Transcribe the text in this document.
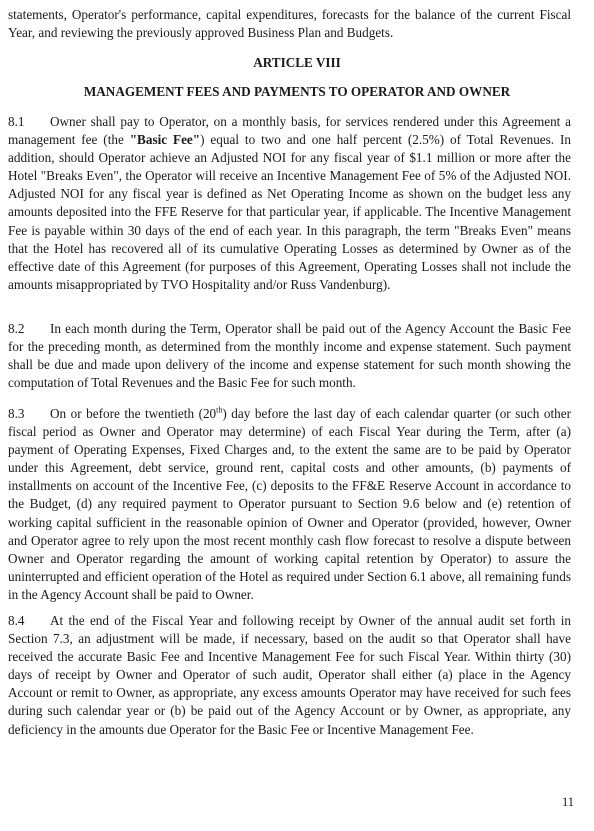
statements, Operator's performance, capital expenditures, forecasts for the balance of the current Fiscal Year, and reviewing the previously approved Business Plan and Budgets.

ARTICLE VIII

MANAGEMENT FEES AND PAYMENTS TO OPERATOR AND OWNER

8.1 Owner shall pay to Operator, on a monthly basis, for services rendered under this Agreement a management fee (the "Basic Fee") equal to two and one half percent (2.5%) of Total Revenues. In addition, should Operator achieve an Adjusted NOI for any fiscal year of $1.1 million or more after the Hotel "Breaks Even", the Operator will receive an Incentive Management Fee of 5% of the Adjusted NOI. Adjusted NOI for any fiscal year is defined as Net Operating Income as shown on the budget less any amounts deposited into the FFE Reserve for that particular year, if applicable. The Incentive Management Fee is payable within 30 days of the end of each year. In this paragraph, the term "Breaks Even" means that the Hotel has recovered all of its cumulative Operating Losses as determined by Owner as of the effective date of this Agreement (for purposes of this Agreement, Operating Losses shall not include the amounts misappropriated by TVO Hospitality and/or Russ Vandenburg).

8.2 In each month during the Term, Operator shall be paid out of the Agency Account the Basic Fee for the preceding month, as determined from the monthly income and expense statement. Such payment shall be due and made upon delivery of the income and expense statement for such month showing the computation of Total Revenues and the Basic Fee for such month.

8.3 On or before the twentieth (20th) day before the last day of each calendar quarter (or such other fiscal period as Owner and Operator may determine) of each Fiscal Year during the Term, after (a) payment of Operating Expenses, Fixed Charges and, to the extent the same are to be paid by Operator under this Agreement, debt service, ground rent, capital costs and other amounts, (b) payments of installments on account of the Incentive Fee, (c) deposits to the FF&E Reserve Account in accordance to the Budget, (d) any required payment to Operator pursuant to Section 9.6 below and (e) retention of working capital sufficient in the reasonable opinion of Owner and Operator (provided, however, Owner and Operator agree to rely upon the most recent monthly cash flow forecast to resolve a dispute between Owner and Operator regarding the amount of working capital retention by Operator) to assure the uninterrupted and efficient operation of the Hotel as required under Section 6.1 above, all remaining funds in the Agency Account shall be paid to Owner.

8.4 At the end of the Fiscal Year and following receipt by Owner of the annual audit set forth in Section 7.3, an adjustment will be made, if necessary, based on the audit so that Operator shall have received the accurate Basic Fee and Incentive Management Fee for such Fiscal Year. Within thirty (30) days of receipt by Owner and Operator of such audit, Operator shall either (a) place in the Agency Account or remit to Owner, as appropriate, any excess amounts Operator may have received for such fees during such calendar year or (b) be paid out of the Agency Account or by Owner, as appropriate, any deficiency in the amounts due Operator for the Basic Fee or Incentive Management Fee.

11
